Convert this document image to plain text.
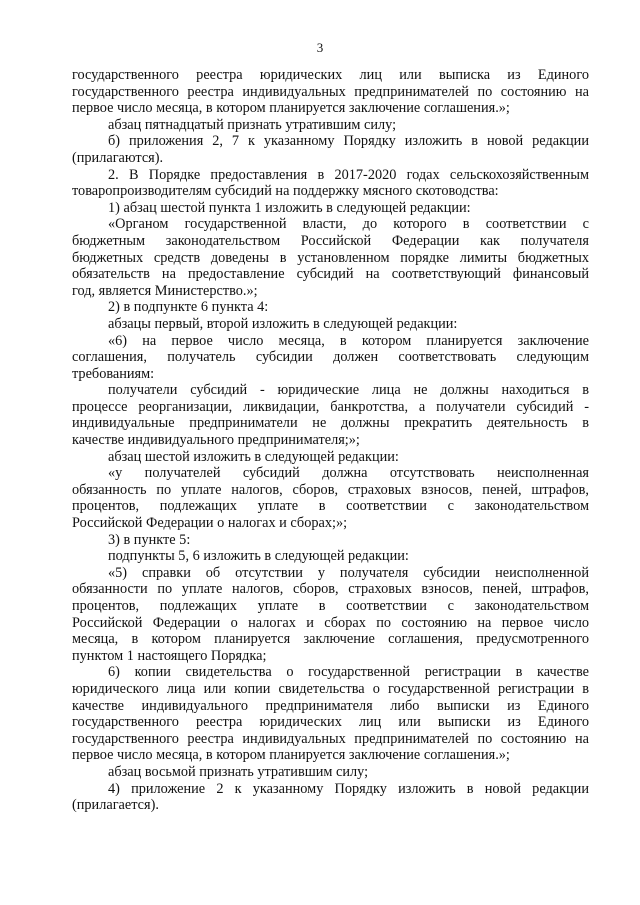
3

государственного реестра юридических лиц или выписка из Единого

государственного реестра индивидуальных предпринимателей по состоянию на

первое число месяца, в котором планируется заключение соглашения.»;

абзац пятнадцатый признать утратившим силу;

б) приложения 2, 7 к указанному Порядку изложить в новой редакции

(прилагаются).

2. В Порядке предоставления в 2017-2020 годах сельскохозяйственным

товаропроизводителям субсидий на поддержку мясного скотоводства:

1) абзац шестой пункта 1 изложить в следующей редакции:

«Органом государственной власти, до которого в соответствии с

бюджетным законодательством Российской Федерации как получателя

бюджетных средств доведены в установленном порядке лимиты бюджетных

обязательств на предоставление субсидий на соответствующий финансовый

год, является Министерство.»;

2) в подпункте 6 пункта 4:

абзацы первый, второй изложить в следующей редакции:

«6) на первое число месяца, в котором планируется заключение

соглашения, получатель субсидии должен соответствовать следующим

требованиям:

получатели субсидий - юридические лица не должны находиться в

процессе реорганизации, ликвидации, банкротства, а получатели субсидий -

индивидуальные предприниматели не должны прекратить деятельность в

качестве индивидуального предпринимателя;»;

абзац шестой изложить в следующей редакции:

«у получателей субсидий должна отсутствовать неисполненная

обязанность по уплате налогов, сборов, страховых взносов, пеней, штрафов,

процентов, подлежащих уплате в соответствии с законодательством

Российской Федерации о налогах и сборах;»;

3) в пункте 5:

подпункты 5, 6 изложить в следующей редакции:

«5) справки об отсутствии у получателя субсидии неисполненной

обязанности по уплате налогов, сборов, страховых взносов, пеней, штрафов,

процентов, подлежащих уплате в соответствии с законодательством

Российской Федерации о налогах и сборах по состоянию на первое число

месяца, в котором планируется заключение соглашения, предусмотренного

пунктом 1 настоящего Порядка;

6) копии свидетельства о государственной регистрации в качестве

юридического лица или копии свидетельства о государственной регистрации в

качестве индивидуального предпринимателя либо выписки из Единого

государственного реестра юридических лиц или выписки из Единого

государственного реестра индивидуальных предпринимателей по состоянию на

первое число месяца, в котором планируется заключение соглашения.»;

абзац восьмой признать утратившим силу;

4) приложение 2 к указанному Порядку изложить в новой редакции

(прилагается).
